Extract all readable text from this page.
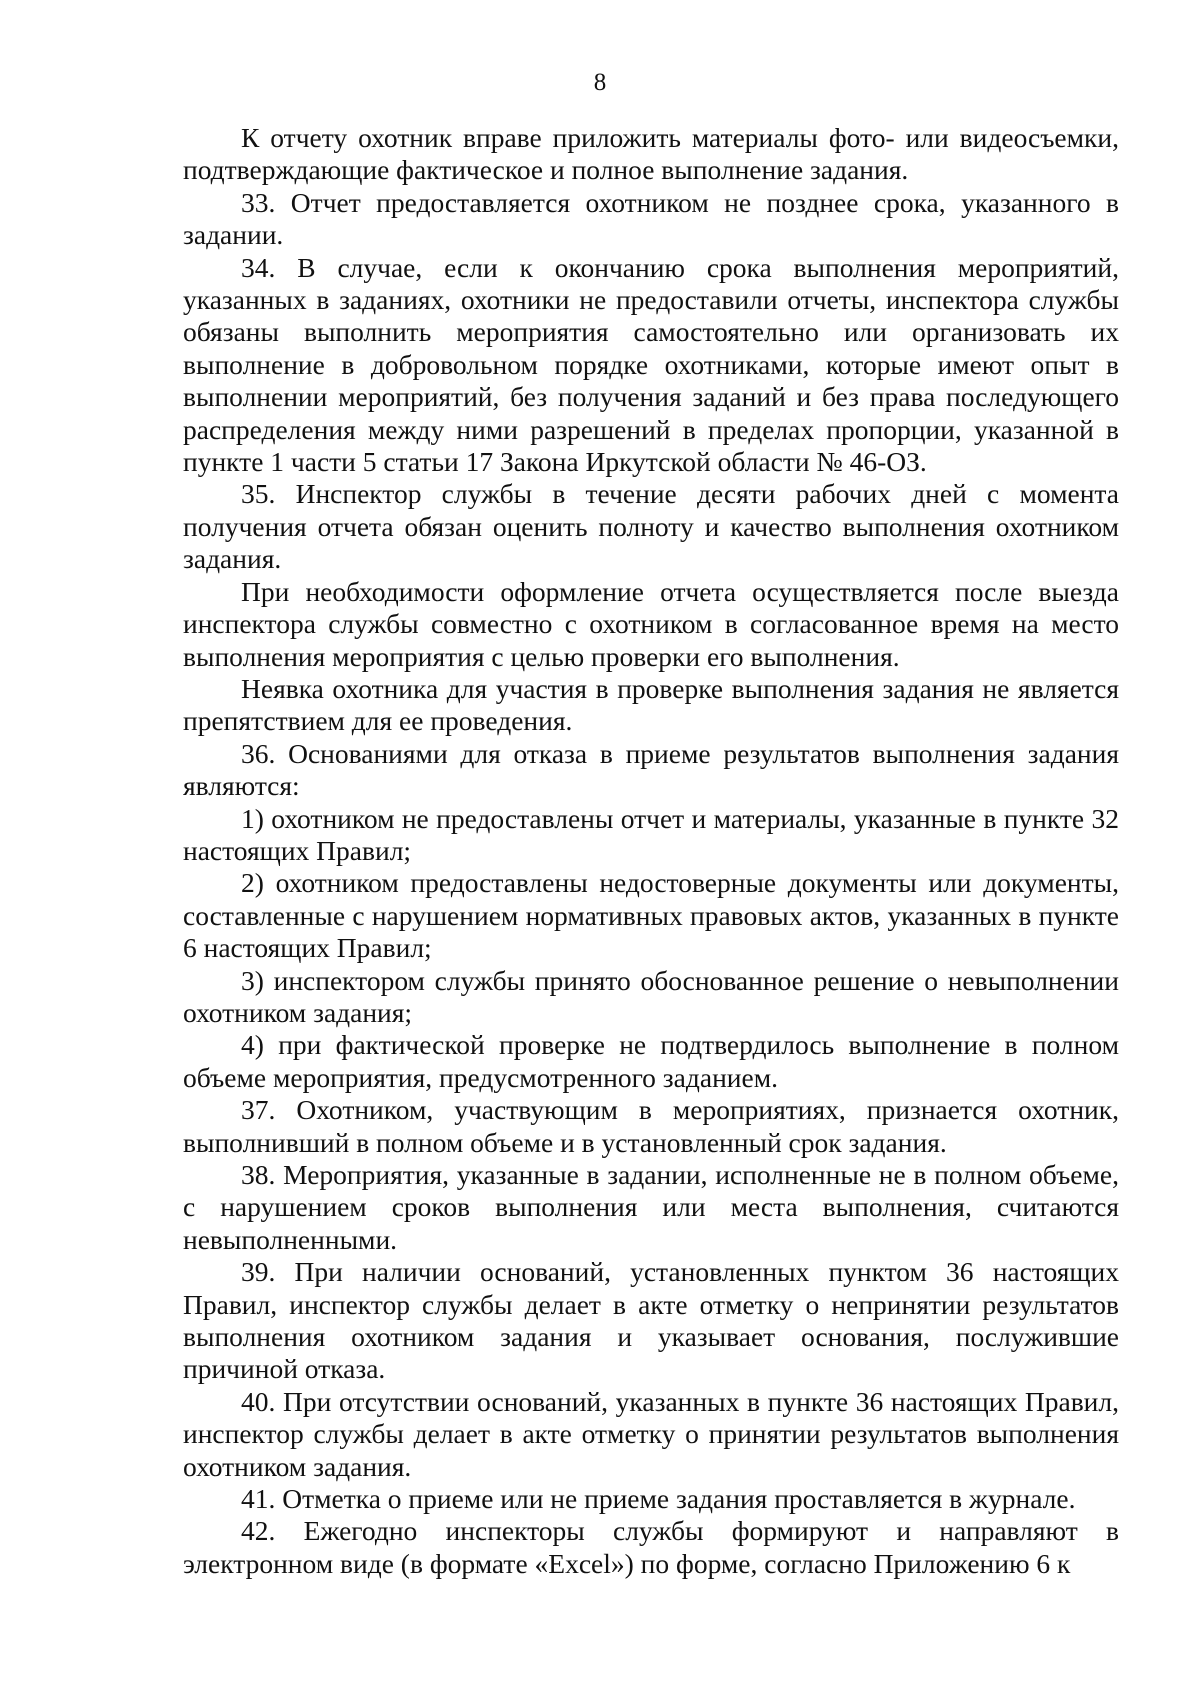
8

К отчету охотник вправе приложить материалы фото- или видеосъемки, подтверждающие фактическое и полное выполнение задания.

33. Отчет предоставляется охотником не позднее срока, указанного в задании.

34. В случае, если к окончанию срока выполнения мероприятий, указанных в заданиях, охотники не предоставили отчеты, инспектора службы обязаны выполнить мероприятия самостоятельно или организовать их выполнение в добровольном порядке охотниками, которые имеют опыт в выполнении мероприятий, без получения заданий и без права последующего распределения между ними разрешений в пределах пропорции, указанной в пункте 1 части 5 статьи 17 Закона Иркутской области № 46-ОЗ.

35. Инспектор службы в течение десяти рабочих дней с момента получения отчета обязан оценить полноту и качество выполнения охотником задания.

При необходимости оформление отчета осуществляется после выезда инспектора службы совместно с охотником в согласованное время на место выполнения мероприятия с целью проверки его выполнения.

Неявка охотника для участия в проверке выполнения задания не является препятствием для ее проведения.

36. Основаниями для отказа в приеме результатов выполнения задания являются:

1) охотником не предоставлены отчет и материалы, указанные в пункте 32 настоящих Правил;

2) охотником предоставлены недостоверные документы или документы, составленные с нарушением нормативных правовых актов, указанных в пункте 6 настоящих Правил;

3) инспектором службы принято обоснованное решение о невыполнении охотником задания;

4) при фактической проверке не подтвердилось выполнение в полном объеме мероприятия, предусмотренного заданием.

37. Охотником, участвующим в мероприятиях, признается охотник, выполнивший в полном объеме и в установленный срок задания.

38. Мероприятия, указанные в задании, исполненные не в полном объеме, с нарушением сроков выполнения или места выполнения, считаются невыполненными.

39. При наличии оснований, установленных пунктом 36 настоящих Правил, инспектор службы делает в акте отметку о непринятии результатов выполнения охотником задания и указывает основания, послужившие причиной отказа.

40. При отсутствии оснований, указанных в пункте 36 настоящих Правил, инспектор службы делает в акте отметку о принятии результатов выполнения охотником задания.

41. Отметка о приеме или не приеме задания проставляется в журнале.

42. Ежегодно инспекторы службы формируют и направляют в электронном виде (в формате «Excel») по форме, согласно Приложению 6 к
